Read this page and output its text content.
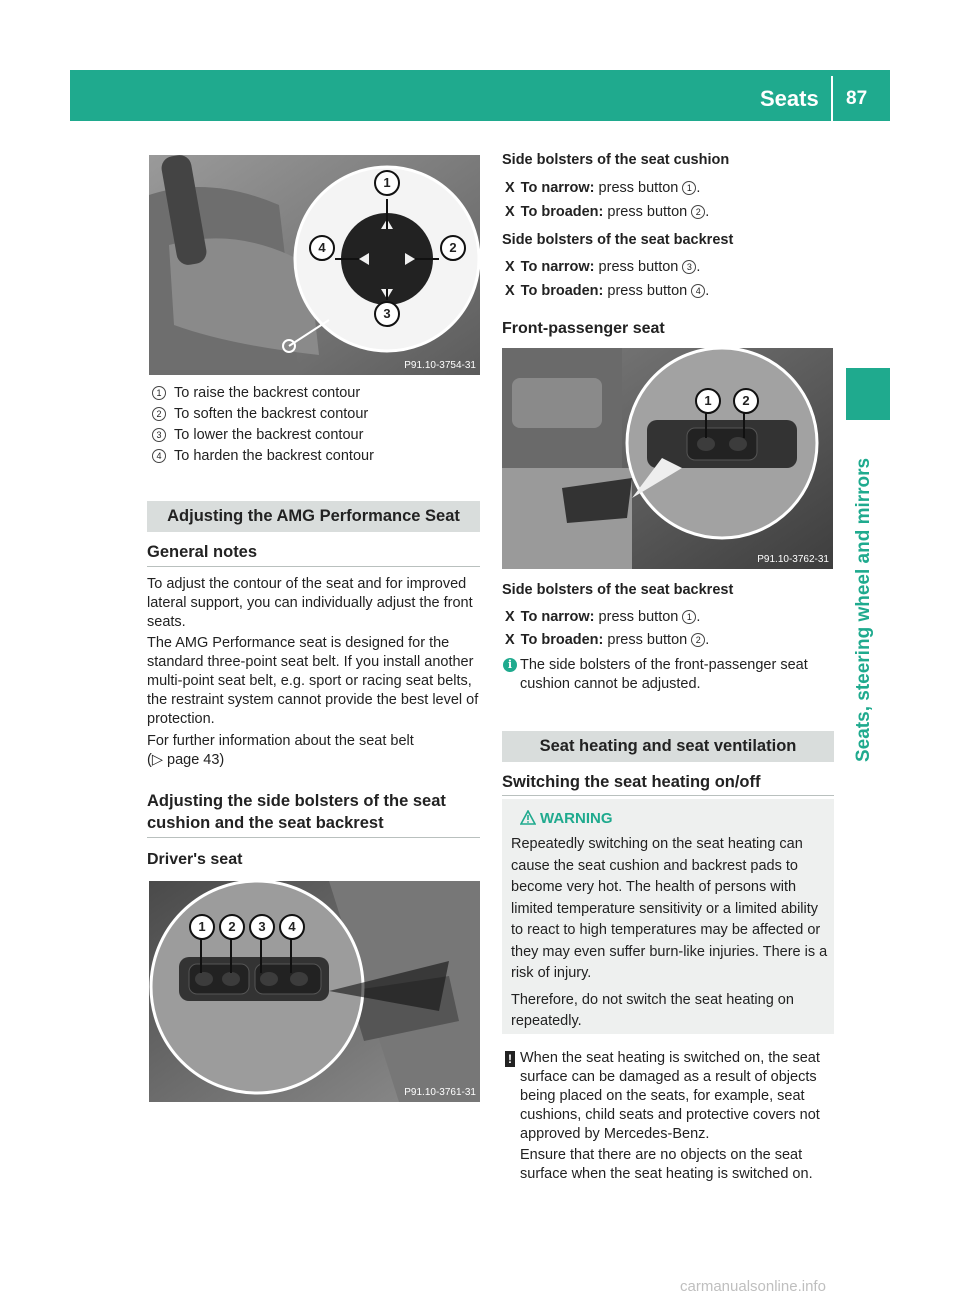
Seats 87
Seats, steering wheel and mirrors
1
2
3
4
P91.10-3754-31
1 To raise the backrest contour
2 To soften the backrest contour
3 To lower the backrest contour
4 To harden the backrest contour
Adjusting the AMG Performance Seat
General notes
To adjust the contour of the seat and for improved lateral support, you can individually adjust the front seats.
The AMG Performance seat is designed for the standard three-point seat belt. If you install another multi-point seat belt, e.g. sport or racing seat belts, the restraint system cannot provide the best level of protection.
For further information about the seat belt
(▷ page 43)
Adjusting the side bolsters of the seat cushion and the seat backrest
Driver's seat
1	2	3	4
P91.10-3761-31
Side bolsters of the seat cushion
X To narrow: press button 1 .
X To broaden: press button 2 .
Side bolsters of the seat backrest
X To narrow: press button 3 .
X To broaden: press button 4 .
Front-passenger seat
1	2
P91.10-3762-31
Side bolsters of the seat backrest
X To narrow: press button 1 .
X To broaden: press button 2 .
i The side bolsters of the front-passenger seat cushion cannot be adjusted.
Seat heating and seat ventilation
Switching the seat heating on/off
WARNING
Repeatedly switching on the seat heating can cause the seat cushion and backrest pads to become very hot. The health of persons with limited temperature sensitivity or a limited ability to react to high temperatures may be affected or they may even suffer burn-like injuries. There is a risk of injury.
Therefore, do not switch the seat heating on repeatedly.
! When the seat heating is switched on, the seat surface can be damaged as a result of objects being placed on the seats, for example, seat cushions, child seats and protective covers not approved by Mercedes-Benz.
Ensure that there are no objects on the seat surface when the seat heating is switched on.
carmanualsonline.info
